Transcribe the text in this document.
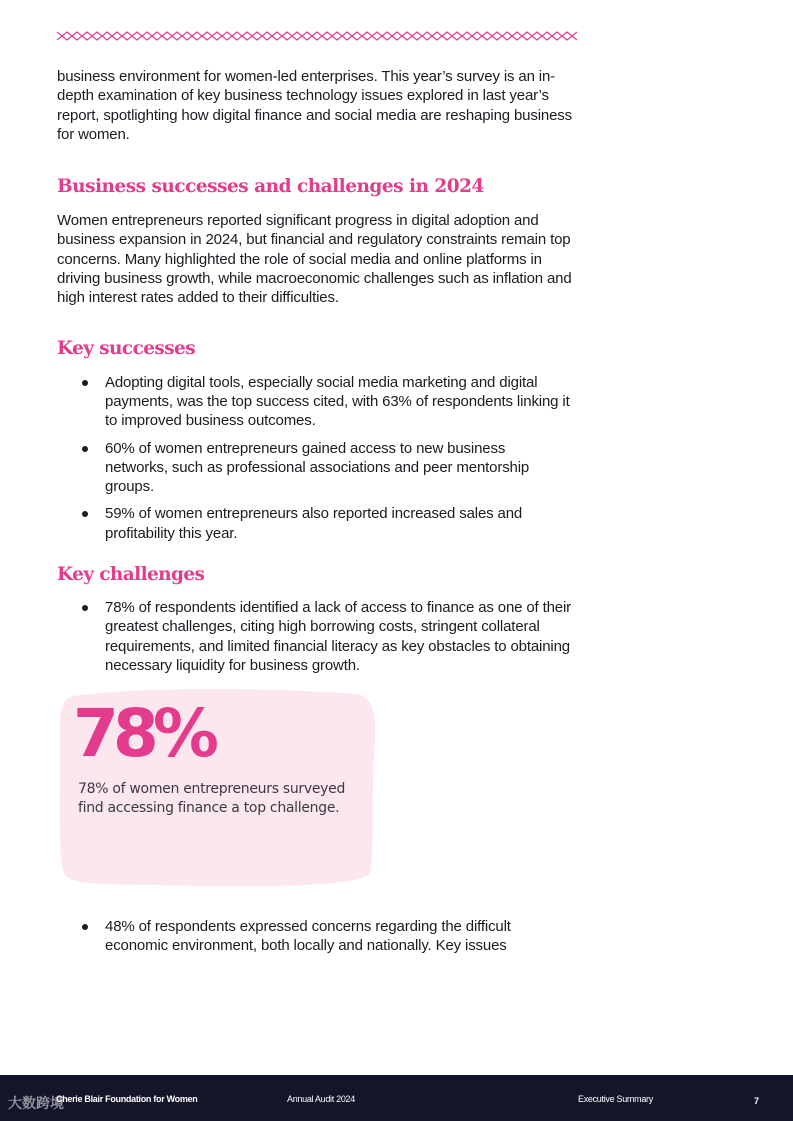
business environment for women-led enterprises. This year’s survey is an in-depth examination of key business technology issues explored in last year’s report, spotlighting how digital finance and social media are reshaping business for women.

Business successes and challenges in 2024

Women entrepreneurs reported significant progress in digital adoption and business expansion in 2024, but financial and regulatory constraints remain top concerns. Many highlighted the role of social media and online platforms in driving business growth, while macroeconomic challenges such as inflation and high interest rates added to their difficulties.

Key successes
Adopting digital tools, especially social media marketing and digital payments, was the top success cited, with 63% of respondents linking it to improved business outcomes.
60% of women entrepreneurs gained access to new business networks, such as professional associations and peer mentorship groups.
59% of women entrepreneurs also reported increased sales and profitability this year.
Key challenges
78% of respondents identified a lack of access to finance as one of their greatest challenges, citing high borrowing costs, stringent collateral requirements, and limited financial literacy as key obstacles to obtaining necessary liquidity for business growth.
78%

78% of women entrepreneurs surveyed find accessing finance a top challenge.

48% of respondents expressed concerns regarding the difficult economic environment, both locally and nationally. Key issues
大数跨境
Cherie Blair Foundation for Women	Annual Audit 2024	Executive Summary	7
